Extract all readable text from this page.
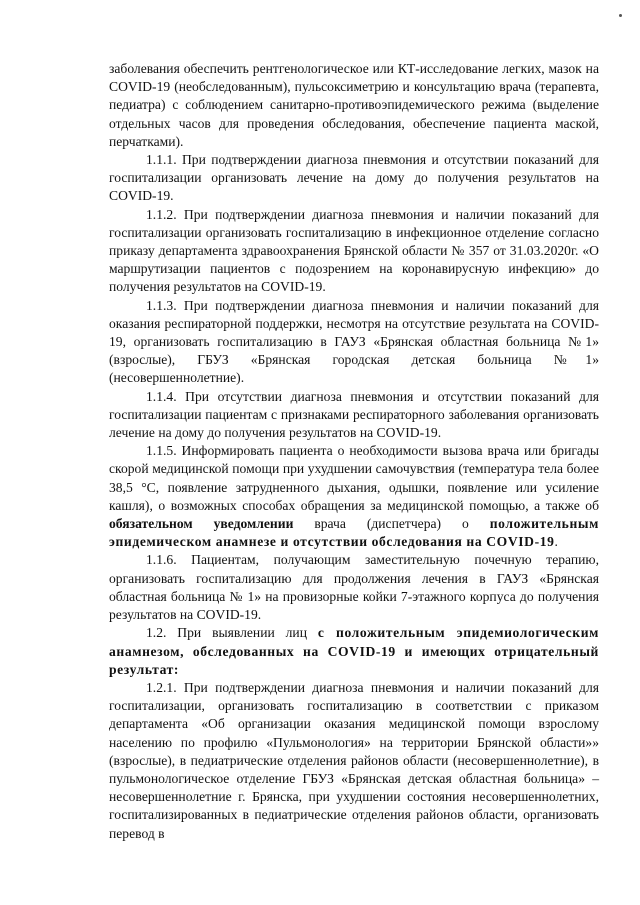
заболевания обеспечить рентгенологическое или КТ-исследование легких, мазок на COVID-19 (необследованным), пульсоксиметрию и консультацию врача (терапевта, педиатра) с соблюдением санитарно-противоэпидемического режима (выделение отдельных часов для проведения обследования, обеспечение пациента маской, перчатками).

1.1.1. При подтверждении диагноза пневмония и отсутствии показаний для госпитализации организовать лечение на дому до получения результатов на COVID-19.

1.1.2. При подтверждении диагноза пневмония и наличии показаний для госпитализации организовать госпитализацию в инфекционное отделение согласно приказу департамента здравоохранения Брянской области № 357 от 31.03.2020г. «О маршрутизации пациентов с подозрением на коронавирусную инфекцию» до получения результатов на COVID-19.

1.1.3. При подтверждении диагноза пневмония и наличии показаний для оказания респираторной поддержки, несмотря на отсутствие результата на COVID-19, организовать госпитализацию в ГАУЗ «Брянская областная больница №1» (взрослые), ГБУЗ «Брянская городская детская больница №1» (несовершеннолетние).

1.1.4. При отсутствии диагноза пневмония и отсутствии показаний для госпитализации пациентам с признаками респираторного заболевания организовать лечение на дому до получения результатов на COVID-19.

1.1.5. Информировать пациента о необходимости вызова врача или бригады скорой медицинской помощи при ухудшении самочувствия (температура тела более 38,5 °С, появление затрудненного дыхания, одышки, появление или усиление кашля), о возможных способах обращения за медицинской помощью, а также об обязательном уведомлении врача (диспетчера) о положительным эпидемическом анамнезе и отсутствии обследования на COVID-19.

1.1.6. Пациентам, получающим заместительную почечную терапию, организовать госпитализацию для продолжения лечения в ГАУЗ «Брянская областная больница № 1» на провизорные койки 7-этажного корпуса до получения результатов на COVID-19.

1.2. При выявлении лиц с положительным эпидемиологическим анамнезом, обследованных на COVID-19 и имеющих отрицательный результат:

1.2.1. При подтверждении диагноза пневмония и наличии показаний для госпитализации, организовать госпитализацию в соответствии с приказом департамента «Об организации оказания медицинской помощи взрослому населению по профилю «Пульмонология» на территории Брянской области»» (взрослые), в педиатрические отделения районов области (несовершеннолетние), в пульмонологическое отделение ГБУЗ «Брянская детская областная больница» – несовершеннолетние г. Брянска, при ухудшении состояния несовершеннолетних, госпитализированных в педиатрические отделения районов области, организовать перевод в
